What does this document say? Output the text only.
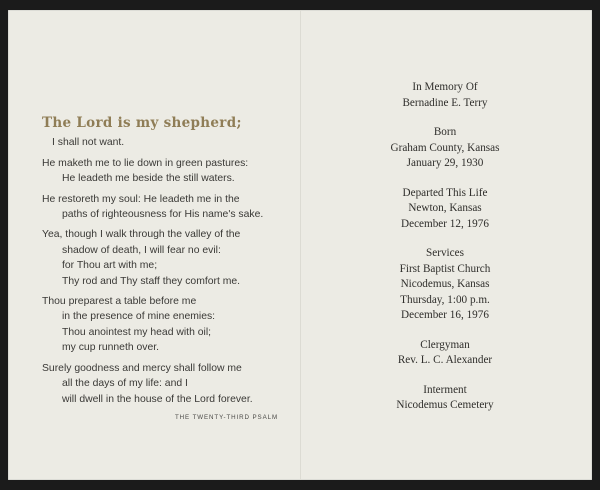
The Lord is my shepherd;
I shall not want.
He maketh me to lie down in green pastures:
He leadeth me beside the still waters.
He restoreth my soul: He leadeth me in the
paths of righteousness for His name's sake.
Yea, though I walk through the valley of the
shadow of death, I will fear no evil:
for Thou art with me;
Thy rod and Thy staff they comfort me.
Thou preparest a table before me
in the presence of mine enemies:
Thou anointest my head with oil;
my cup runneth over.
Surely goodness and mercy shall follow me
all the days of my life: and I
will dwell in the house of the Lord forever.
THE TWENTY-THIRD PSALM
In Memory Of
Bernadine E. Terry
Born
Graham County, Kansas
January 29, 1930
Departed This Life
Newton, Kansas
December 12, 1976
Services
First Baptist Church
Nicodemus, Kansas
Thursday, 1:00 p.m.
December 16, 1976
Clergyman
Rev. L. C. Alexander
Interment
Nicodemus Cemetery
